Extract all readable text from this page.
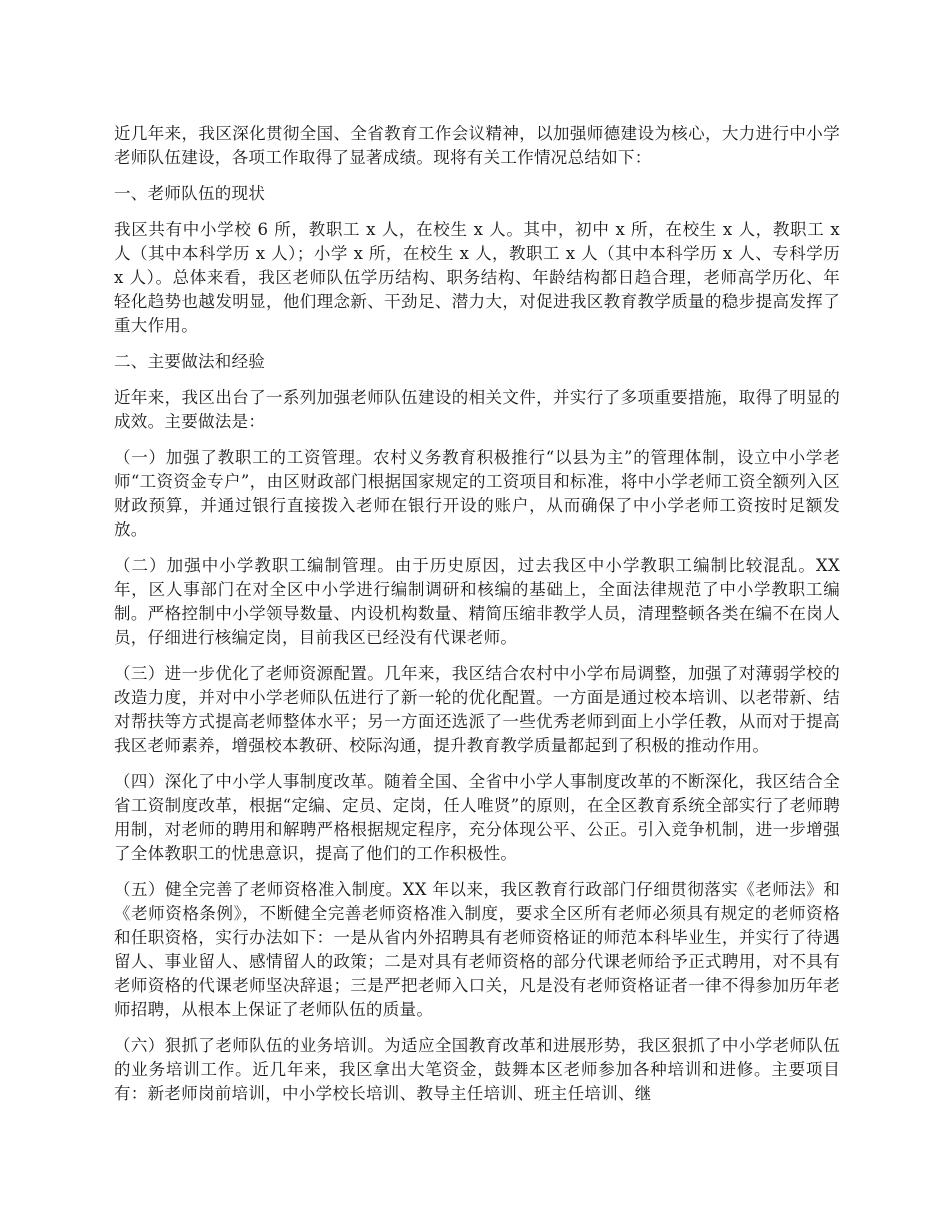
近几年来，我区深化贯彻全国、全省教育工作会议精神，以加强师德建设为核心，大力进行中小学老师队伍建设，各项工作取得了显著成绩。现将有关工作情况总结如下：

一、老师队伍的现状

我区共有中小学校 6 所，教职工 x 人，在校生 x 人。其中，初中 x 所，在校生 x 人，教职工 x 人（其中本科学历 x 人）；小学 x 所，在校生 x 人，教职工 x 人（其中本科学历 x 人、专科学历 x 人）。总体来看，我区老师队伍学历结构、职务结构、年龄结构都日趋合理，老师高学历化、年轻化趋势也越发明显，他们理念新、干劲足、潜力大，对促进我区教育教学质量的稳步提高发挥了重大作用。

二、主要做法和经验

近年来，我区出台了一系列加强老师队伍建设的相关文件，并实行了多项重要措施，取得了明显的成效。主要做法是：

（一）加强了教职工的工资管理。农村义务教育积极推行“以县为主”的管理体制，设立中小学老师“工资资金专户”，由区财政部门根据国家规定的工资项目和标准，将中小学老师工资全额列入区财政预算，并通过银行直接拨入老师在银行开设的账户，从而确保了中小学老师工资按时足额发放。

（二）加强中小学教职工编制管理。由于历史原因，过去我区中小学教职工编制比较混乱。XX 年，区人事部门在对全区中小学进行编制调研和核编的基础上，全面法律规范了中小学教职工编制。严格控制中小学领导数量、内设机构数量、精简压缩非教学人员，清理整顿各类在编不在岗人员，仔细进行核编定岗，目前我区已经没有代课老师。

（三）进一步优化了老师资源配置。几年来，我区结合农村中小学布局调整，加强了对薄弱学校的改造力度，并对中小学老师队伍进行了新一轮的优化配置。一方面是通过校本培训、以老带新、结对帮扶等方式提高老师整体水平；另一方面还选派了一些优秀老师到面上小学任教，从而对于提高我区老师素养，增强校本教研、校际沟通，提升教育教学质量都起到了积极的推动作用。

（四）深化了中小学人事制度改革。随着全国、全省中小学人事制度改革的不断深化，我区结合全省工资制度改革，根据“定编、定员、定岗，任人唯贤”的原则，在全区教育系统全部实行了老师聘用制，对老师的聘用和解聘严格根据规定程序，充分体现公平、公正。引入竞争机制，进一步增强了全体教职工的忧患意识，提高了他们的工作积极性。

（五）健全完善了老师资格准入制度。XX 年以来，我区教育行政部门仔细贯彻落实《老师法》和《老师资格条例》，不断健全完善老师资格准入制度，要求全区所有老师必须具有规定的老师资格和任职资格，实行办法如下：一是从省内外招聘具有老师资格证的师范本科毕业生，并实行了待遇留人、事业留人、感情留人的政策；二是对具有老师资格的部分代课老师给予正式聘用，对不具有老师资格的代课老师坚决辞退；三是严把老师入口关，凡是没有老师资格证者一律不得参加历年老师招聘，从根本上保证了老师队伍的质量。

（六）狠抓了老师队伍的业务培训。为适应全国教育改革和进展形势，我区狠抓了中小学老师队伍的业务培训工作。近几年来，我区拿出大笔资金，鼓舞本区老师参加各种培训和进修。主要项目有：新老师岗前培训，中小学校长培训、教导主任培训、班主任培训、继
